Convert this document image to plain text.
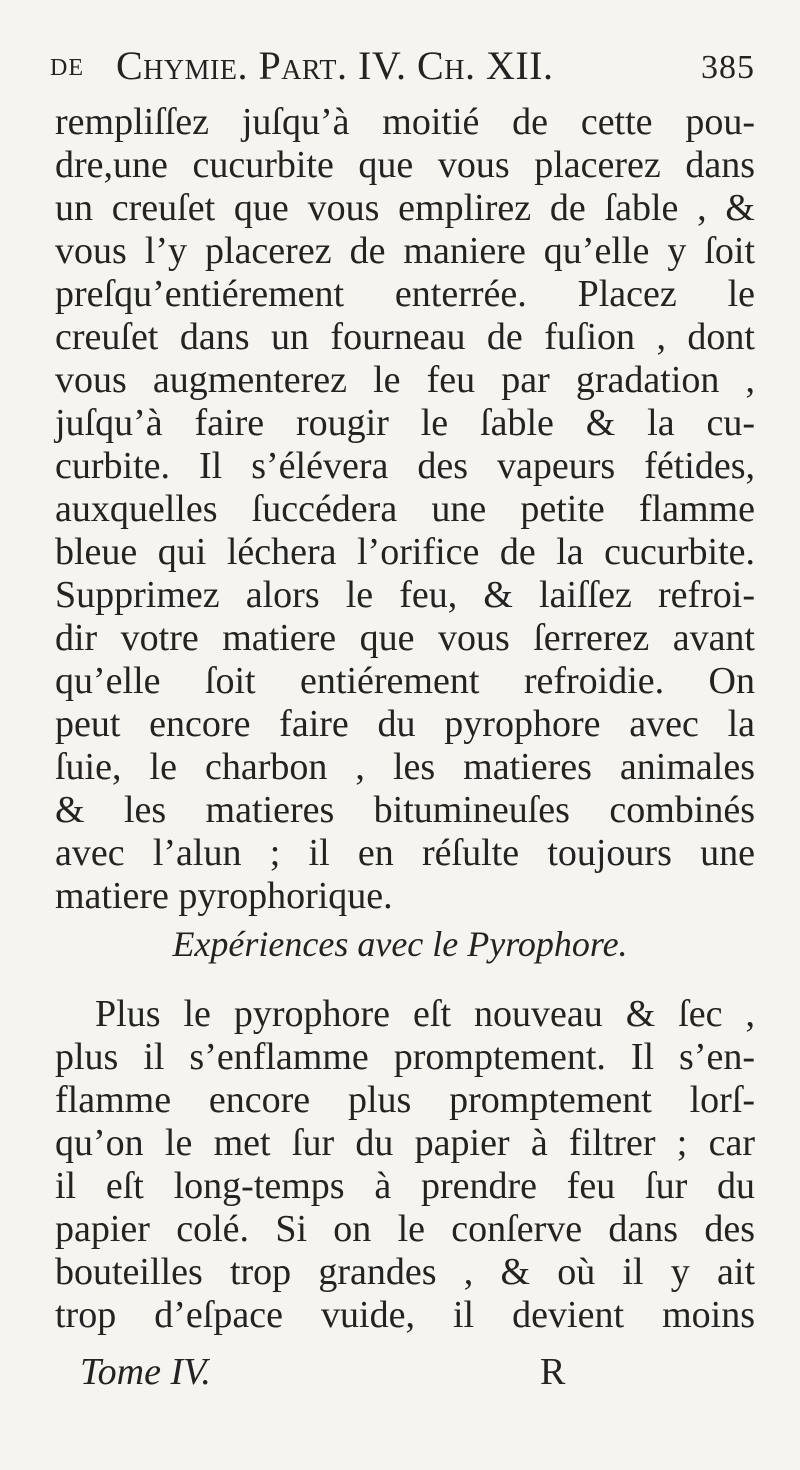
DE Chymie. Part. IV. Ch. XII.	385
rempliſſez juſqu’à moitié de cette pou-
dre,une cucurbite que vous placerez dans
un creuſet que vous emplirez de ſable , &
vous l’y placerez de maniere qu’elle y ſoit
preſqu’entiérement enterrée. Placez le
creuſet dans un fourneau de fuſion , dont
vous augmenterez le feu par gradation ,
juſqu’à faire rougir le ſable & la cu-
curbite. Il s’élévera des vapeurs fétides,
auxquelles ſuccédera une petite flamme
bleue qui léchera l’orifice de la cucurbite.
Supprimez alors le feu, & laiſſez refroi-
dir votre matiere que vous ſerrerez avant
qu’elle ſoit entiérement refroidie. On
peut encore faire du pyrophore avec la
ſuie, le charbon , les matieres animales
& les matieres bitumineuſes combinés
avec l’alun ; il en réſulte toujours une
matiere pyrophorique.
Expériences avec le Pyrophore.
Plus le pyrophore eſt nouveau & ſec ,
plus il s’enflamme promptement. Il s’en-
flamme encore plus promptement lorſ-
qu’on le met ſur du papier à filtrer ; car
il eſt long-temps à prendre feu ſur du
papier colé. Si on le conſerve dans des
bouteilles trop grandes , & où il y ait
trop d’eſpace vuide, il devient moins
Tome IV.	R
